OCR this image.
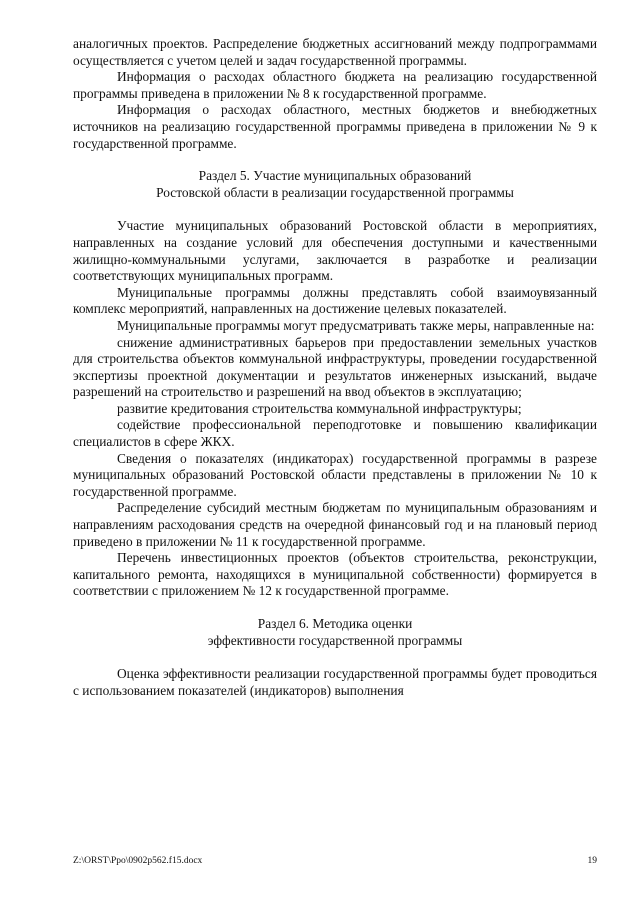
аналогичных проектов. Распределение бюджетных ассигнований между подпрограммами осуществляется с учетом целей и задач государственной программы.

Информация о расходах областного бюджета на реализацию государственной программы приведена в приложении № 8 к государственной программе.

Информация о расходах областного, местных бюджетов и внебюджетных источников на реализацию государственной программы приведена в приложении № 9 к государственной программе.

Раздел 5. Участие муниципальных образований

Ростовской области в реализации государственной программы

Участие муниципальных образований Ростовской области в мероприятиях, направленных на создание условий для обеспечения доступными и качественными жилищно-коммунальными услугами, заключается в разработке и реализации соответствующих муниципальных программ.

Муниципальные программы должны представлять собой взаимоувязанный комплекс мероприятий, направленных на достижение целевых показателей.

Муниципальные программы могут предусматривать также меры, направленные на:

снижение административных барьеров при предоставлении земельных участков для строительства объектов коммунальной инфраструктуры, проведении государственной экспертизы проектной документации и результатов инженерных изысканий, выдаче разрешений на строительство и разрешений на ввод объектов в эксплуатацию;

развитие кредитования строительства коммунальной инфраструктуры;

содействие профессиональной переподготовке и повышению квалификации специалистов в сфере ЖКХ.

Сведения о показателях (индикаторах) государственной программы в разрезе муниципальных образований Ростовской области представлены в приложении № 10 к государственной программе.

Распределение субсидий местным бюджетам по муниципальным образованиям и направлениям расходования средств на очередной финансовый год и на плановый период приведено в приложении № 11 к государственной программе.

Перечень инвестиционных проектов (объектов строительства, реконструкции, капитального ремонта, находящихся в муниципальной собственности) формируется в соответствии с приложением № 12 к государственной программе.

Раздел 6. Методика оценки

эффективности государственной программы

Оценка эффективности реализации государственной программы будет проводиться с использованием показателей (индикаторов) выполнения

Z:\ORST\Ppo\0902p562.f15.docx	19
